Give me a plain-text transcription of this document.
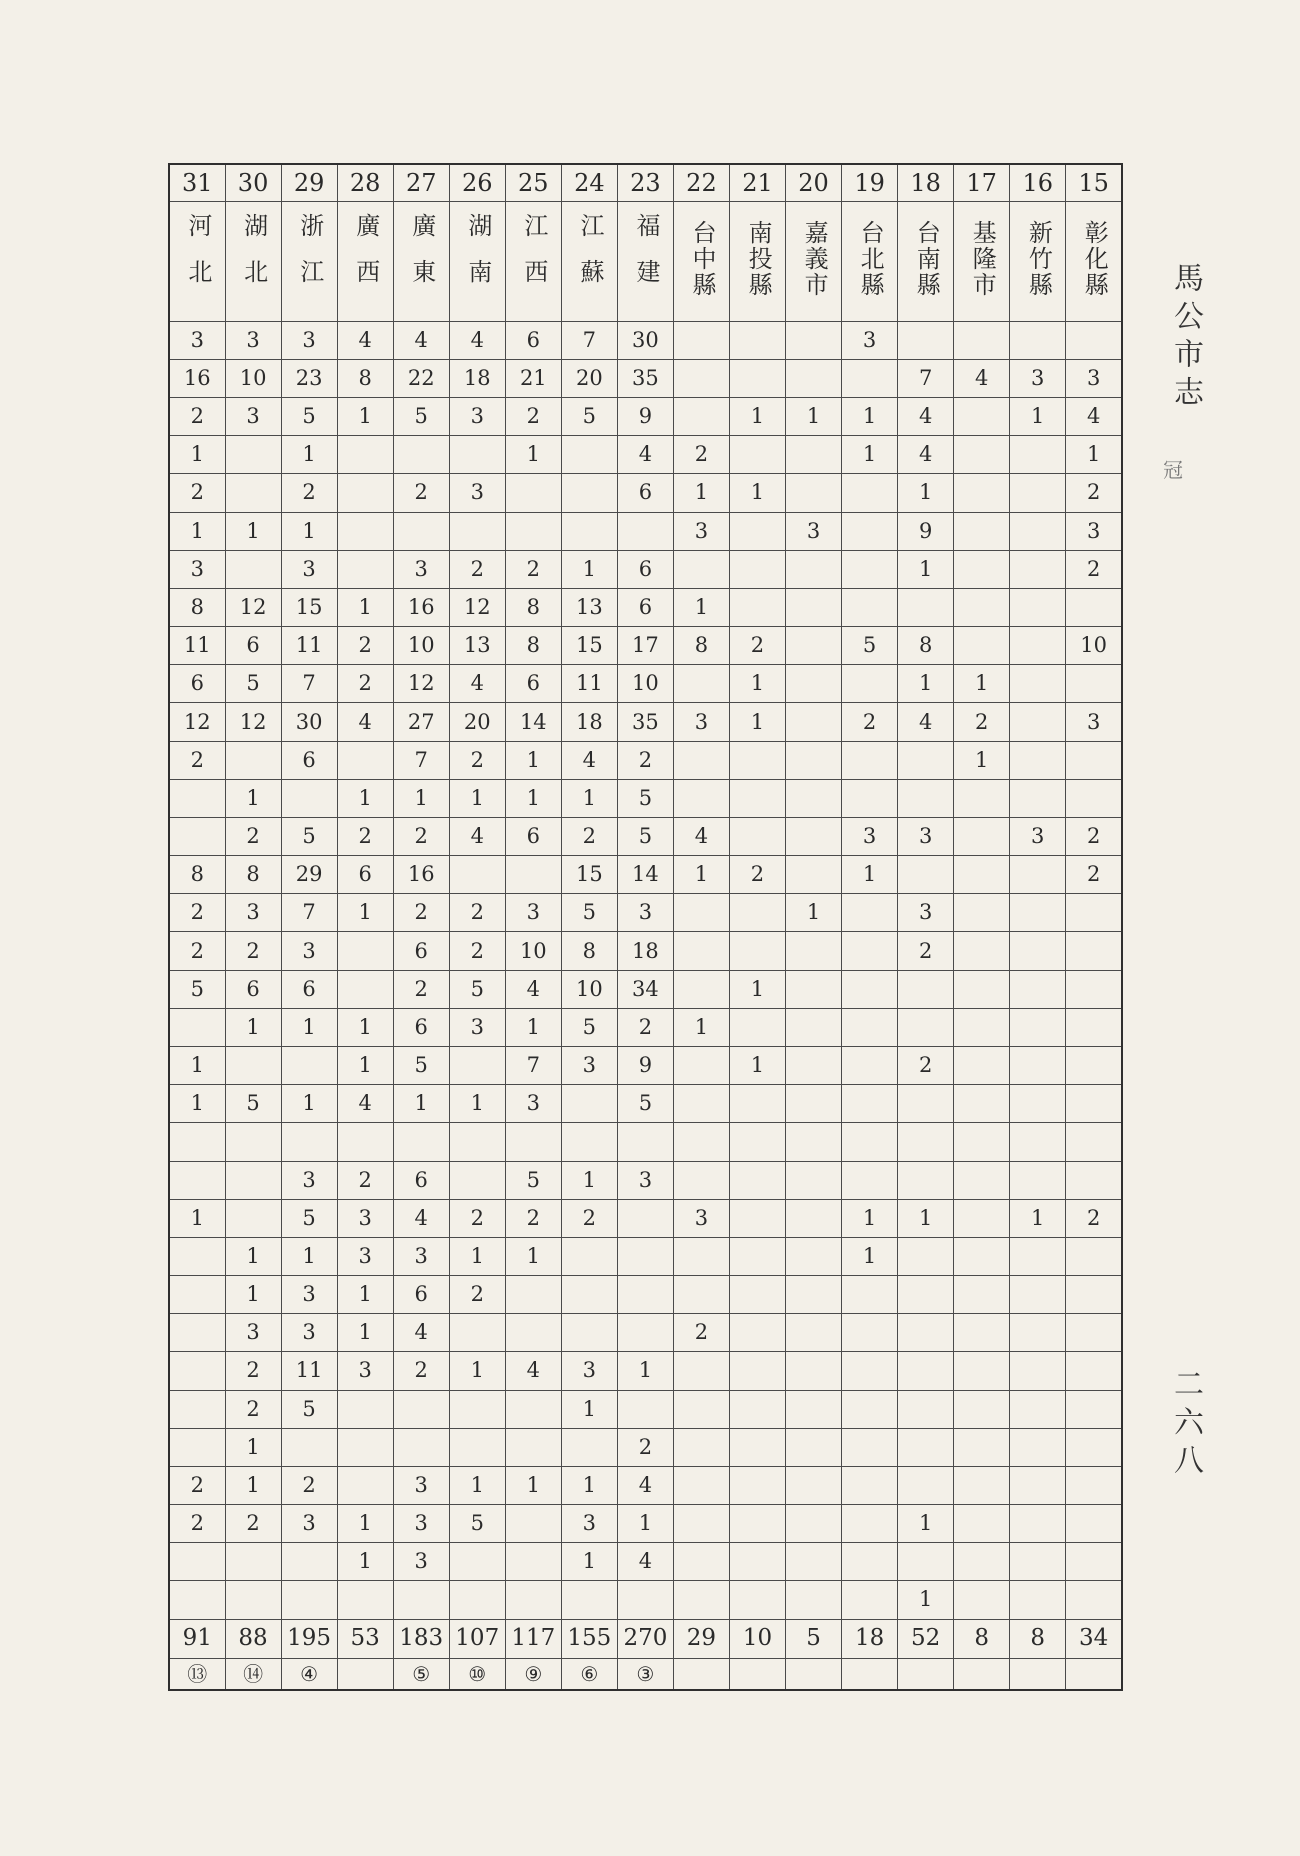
31	30	29	28	27	26	25	24	23	22	21	20	19	18	17	16	15
河北	湖北	浙江	廣西	廣東	湖南	江西	江蘇	福建	台中縣	南投縣	嘉義市	台北縣	台南縣	基隆市	新竹縣	彰化縣
3	3	3	4	4	4	6	7	30				3				
16	10	23	8	22	18	21	20	35					7	4	3	3
2	3	5	1	5	3	2	5	9		1	1	1	4		1	4
1		1				1		4	2			1	4			1
2		2		2	3			6	1	1			1			2
1	1	1							3		3		9			3
3		3		3	2	2	1	6					1			2
8	12	15	1	16	12	8	13	6	1							
11	6	11	2	10	13	8	15	17	8	2		5	8			10
6	5	7	2	12	4	6	11	10		1			1	1		
12	12	30	4	27	20	14	18	35	3	1		2	4	2		3
2		6		7	2	1	4	2						1		
	1		1	1	1	1	1	5								
	2	5	2	2	4	6	2	5	4			3	3		3	2
8	8	29	6	16			15	14	1	2		1				2
2	3	7	1	2	2	3	5	3			1		3			
2	2	3		6	2	10	8	18					2			
5	6	6		2	5	4	10	34		1						
	1	1	1	6	3	1	5	2	1							
1			1	5		7	3	9		1			2			
1	5	1	4	1	1	3		5								

		3	2	6		5	1	3								
1		5	3	4	2	2	2		3			1	1		1	2
	1	1	3	3	1	1						1				
	1	3	1	6	2											
	3	3	1	4					2							
	2	11	3	2	1	4	3	1								
	2	5					1									
	1							2								
2	1	2		3	1	1	1	4								
2	2	3	1	3	5		3	1					1			
			1	3			1	4								
													1			
91	88	195	53	183	107	117	155	270	29	10	5	18	52	8	8	34
⑬	⑭	④		⑤	⑩	⑨	⑥	③								
馬公市志
冠
二六八
